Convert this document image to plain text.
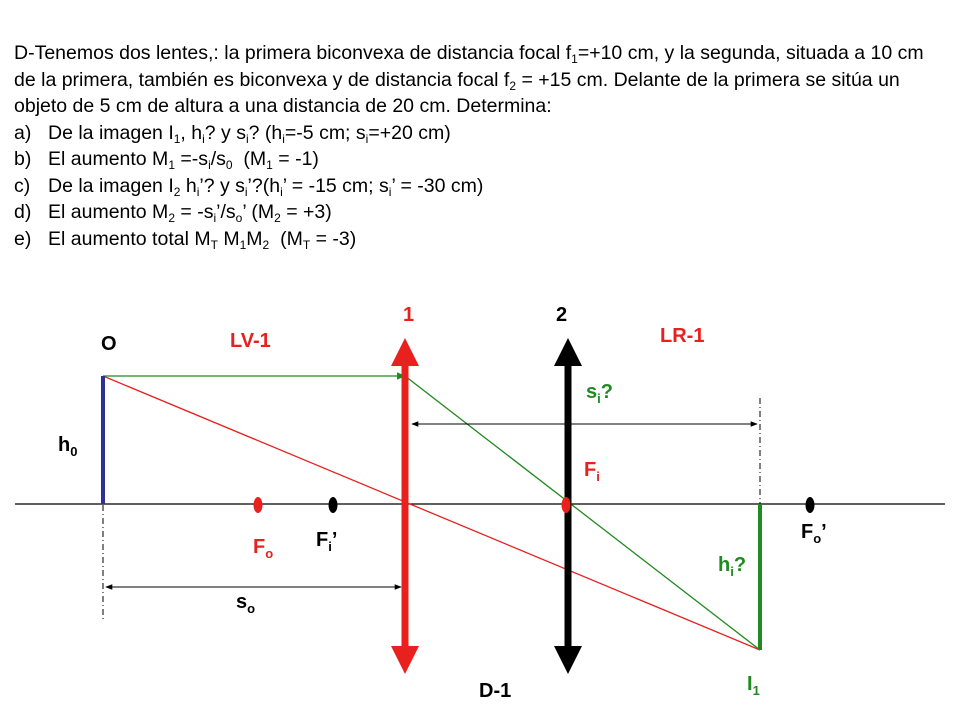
D-Tenemos dos lentes,: la primera biconvexa de distancia focal $f_1=+10$ cm, y la segunda, situada a 10 cm de la primera, también es biconvexa y de distancia focal $f_2 = +15$ cm. Delante de la primera se sitúa un objeto de 5 cm de altura a una distancia de 20 cm. Determina:

a) De la imagen $I_1$, $h_i$? y $s_i$? ($h_i=-5$ cm; $s_i=+20$ cm)
b) El aumento $M_1 =-s_i/s_0$  $(M_1 = -1)$
c) De la imagen $I_2$ $h_i$’? y $s_i’?(h_i$’ = -15 cm; $s_i$’ = -30 cm)
d) El aumento $M_2$ = $-s_i’/s_o$’ $(M_2 = +3)$
e) El aumento total $M_T$ $M_1M_2$  $(M_T = -3)$
1	2
LV-1	LR-1
O
$h_0$
$s_i$?
$F_i$
$F_o$
$F_i$’	$F_o$’
$h_i$?
$s_o$
$I_1$
D-1
